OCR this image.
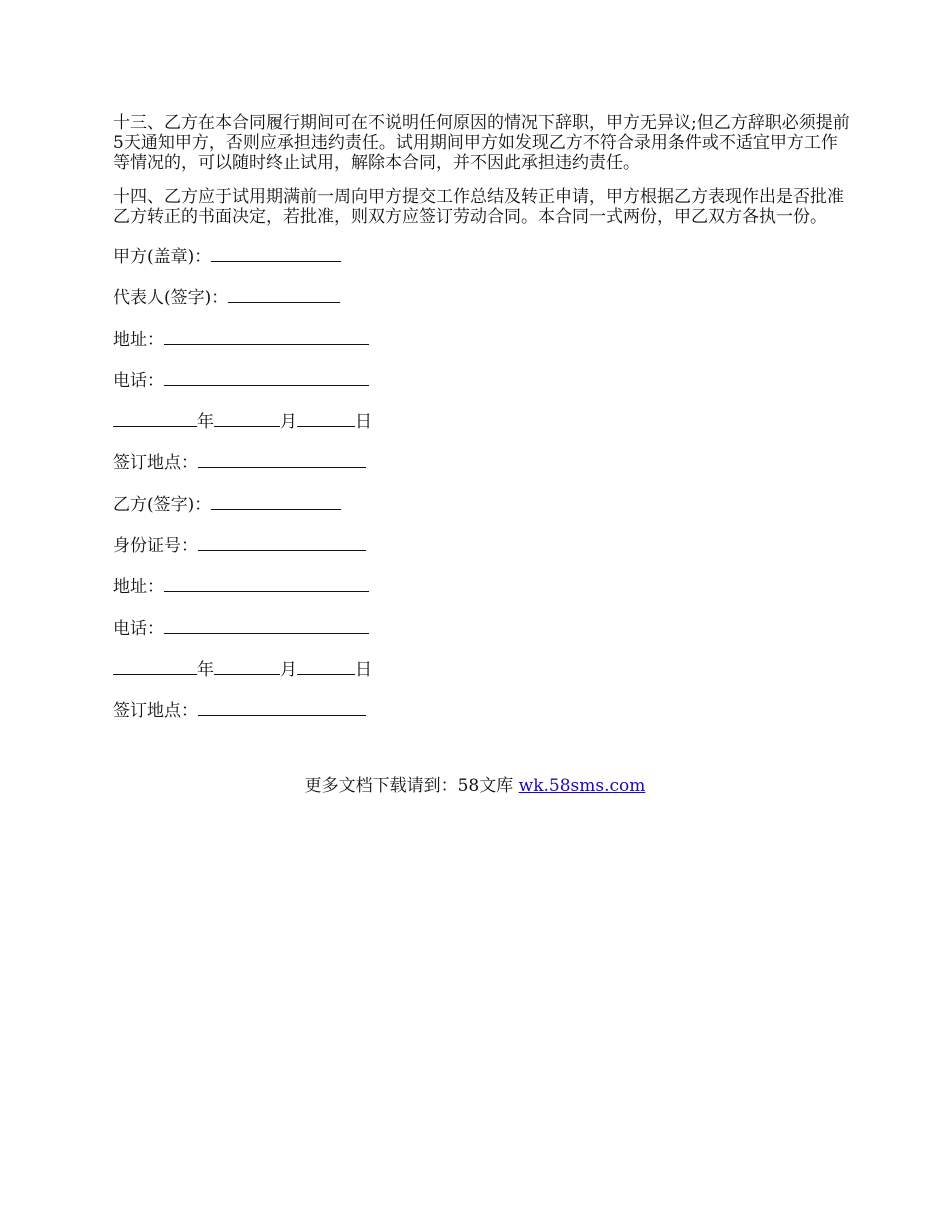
十三、乙方在本合同履行期间可在不说明任何原因的情况下辞职，甲方无异议;但乙方辞职必须提前5天通知甲方，否则应承担违约责任。试用期间甲方如发现乙方不符合录用条件或不适宜甲方工作等情况的，可以随时终止试用，解除本合同，并不因此承担违约责任。

十四、乙方应于试用期满前一周向甲方提交工作总结及转正申请，甲方根据乙方表现作出是否批准乙方转正的书面决定，若批准，则双方应签订劳动合同。本合同一式两份，甲乙双方各执一份。

甲方(盖章)：
代表人(签字)：
地址：
电话：
年	月	日
签订地点：
乙方(签字)：
身份证号：
地址：
电话：
年	月	日
签订地点：
更多文档下载请到：58文库 wk.58sms.com
